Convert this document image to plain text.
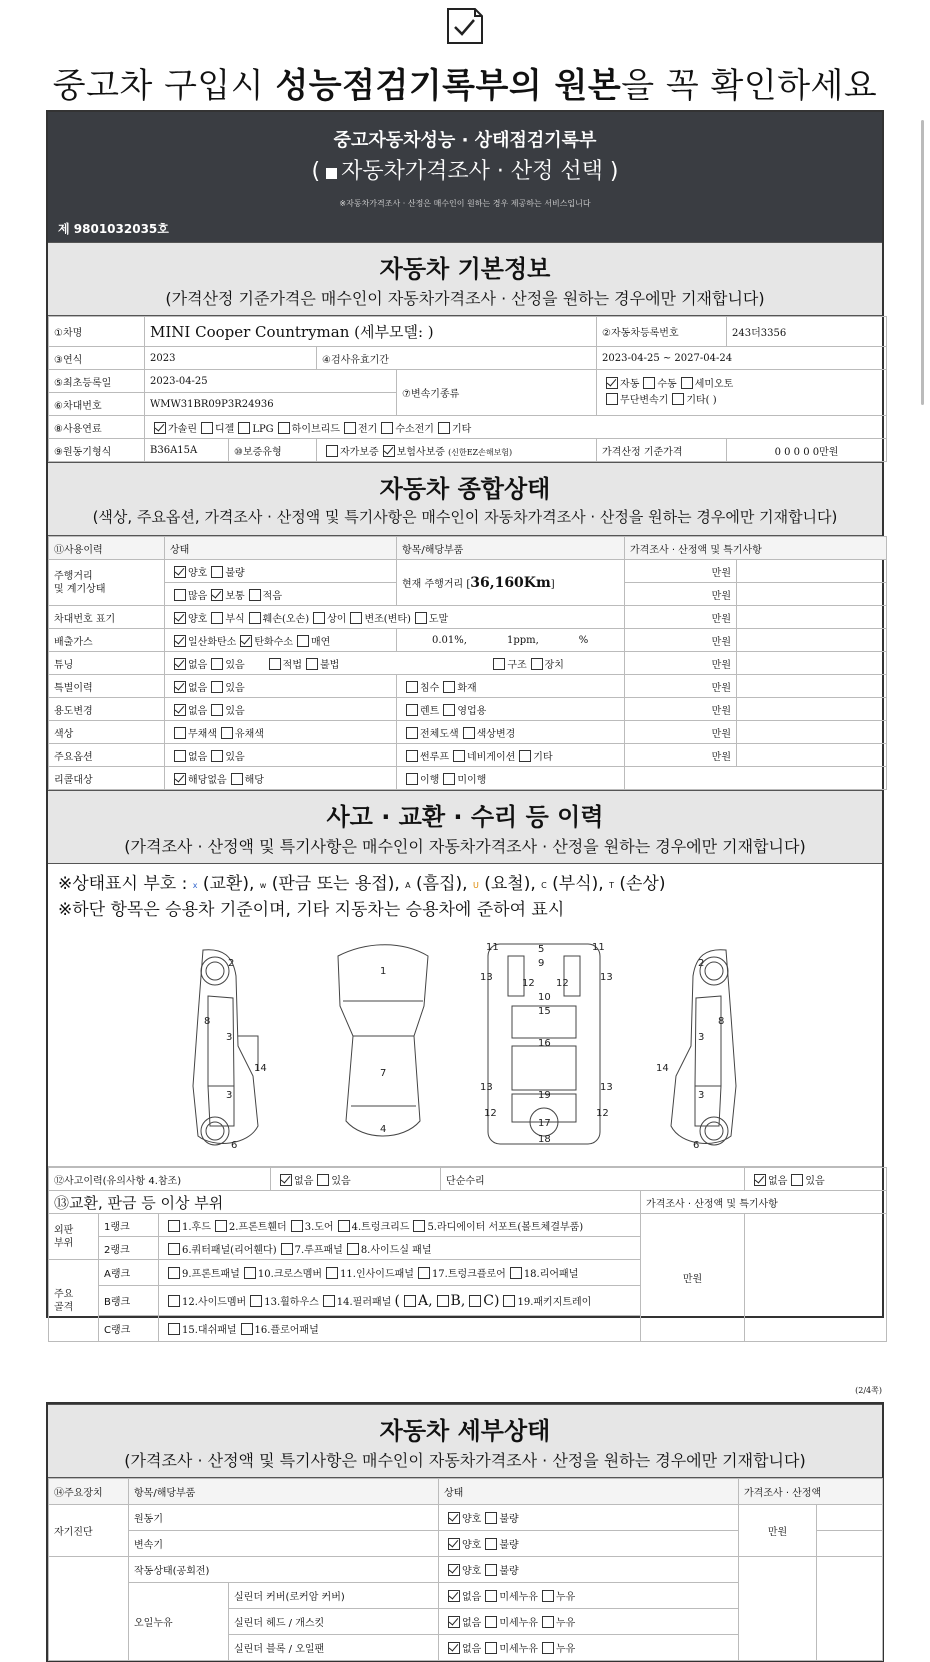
중고차 구입시 성능점검기록부의 원본을 꼭 확인하세요
중고자동차성능 · 상태점검기록부
( 자동차가격조사 · 산정 선택 )
※자동차가격조사 · 산정은 매수인이 원하는 경우 제공하는 서비스입니다
제 9801032035호
자동차 기본정보
(가격산정 기준가격은 매수인이 자동차가격조사 · 산정을 원하는 경우에만 기재합니다)
①차명	MINI Cooper Countryman (세부모델: )				②자동차등록번호	243더3356
③연식	2023		④검사유효기간		2023-04-25 ~ 2027-04-24	
⑤최초등록일	2023-04-25			⑦변속기종류	자동 수동 세미오토
무단변속기 기타( )	
⑥차대번호	WMW31BR09P3R24936					
⑧사용연료	가솔린 디젤 LPG 하이브리드 전기 수소전기 기타					
⑨원동기형식	B36A15A	⑩보증유형	자가보증 보험사보증 (신한EZ손해보험)		가격산정 기준가격	0 0 0 0 0만원
자동차 종합상태
(색상, 주요옵션, 가격조사 · 산정액 및 특기사항은 매수인이 자동차가격조사 · 산정을 원하는 경우에만 기재합니다)
⑪사용이력	상태	항목/해당부품	가격조사 · 산정액 및 특기사항	
주행거리
및 계기상태	양호 불량	현재 주행거리 [36,160Km]	만원	
	많음 보통 적음		만원	
차대번호 표기	양호 부식 훼손(오손) 상이 변조(변타) 도말		만원	
배출가스	일산화탄소 탄화수소 매연	0.01%, 1ppm, %	만원	
튜닝	없음 있음 적법 불법 구조 장치		만원	
특별이력	없음 있음	침수 화재	만원	
용도변경	없음 있음	렌트 영업용	만원	
색상	무채색 유채색	전체도색 색상변경	만원	
주요옵션	없음 있음	썬루프 네비게이션 기타	만원	
리콜대상	해당없음 해당	이행 미이행		
사고 · 교환 · 수리 등 이력
(가격조사 · 산정액 및 특기사항은 매수인이 자동차가격조사 · 산정을 원하는 경우에만 기재합니다)
※상태표시 부호 : x (교환), w (판금 또는 용접), A (흠집), U (요철), C (부식), T (손상)
※하단 항목은 승용차 기준이며, 기타 지동차는 승용차에 준하여 표시
2
3
3
8
14
6
1
7
4
5
9
11	11
13	13
12 12
10
15
16
13	13
19
12	12
17
18
2
3
3
8
14
6
⑫사고이력(유의사항 4.참조)			없음 있음	단순수리		없음 있음
⑬교환, 판금 등 이상 부위					가격조사 · 산정액 및 특기사항	
외판
부위	1랭크	1.후드 2.프론트휀더 3.도어 4.트렁크리드 5.라디에이터 서포트(볼트체결부품)			만원	
	2랭크	6.쿼터패널(리어휀다) 7.루프패널 8.사이드실 패널				
주요
골격	A랭크	9.프론트패널 10.크로스멤버 11.인사이드패널 17.트렁크플로어 18.리어패널				
	B랭크	12.사이드멤버 13.휠하우스 14.필러패널 ( A, B, C) 19.패키지트레이				
	C랭크	15.대쉬패널 16.플로어패널				
(2/4쪽)
자동차 세부상태
(가격조사 · 산정액 및 특기사항은 매수인이 자동차가격조사 · 산정을 원하는 경우에만 기재합니다)
⑭주요장치	항목/해당부품		상태	가격조사 · 산정액	
자기진단	원동기		양호 불량	만원	
	변속기		양호 불량		
	작동상태(공회전)		양호 불량		
	오일누유	실린더 커버(로커암 커버)	없음 미세누유 누유		
		실린더 헤드 / 개스킷	없음 미세누유 누유		
		실린더 블록 / 오일팬	없음 미세누유 누유		
